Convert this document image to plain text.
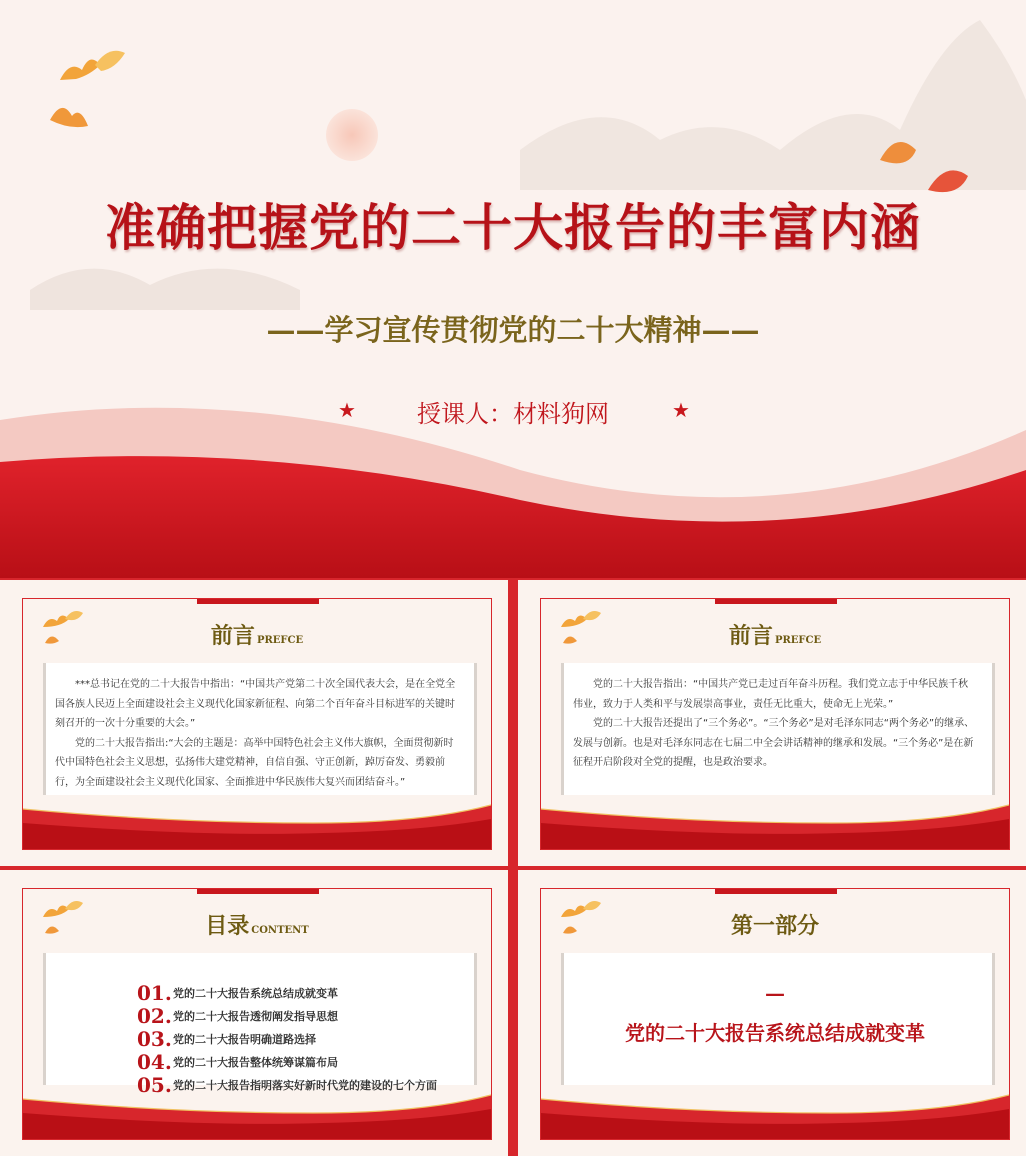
准确把握党的二十大报告的丰富内涵
——学习宣传贯彻党的二十大精神——
★	授课人：材料狗网	★
前言 PREFCE

***总书记在党的二十大报告中指出：“中国共产党第二十次全国代表大会，是在全党全国各族人民迈上全面建设社会主义现代化国家新征程、向第二个百年奋斗目标进军的关键时刻召开的一次十分重要的大会。”

党的二十大报告指出:“大会的主题是：高举中国特色社会主义伟大旗帜，全面贯彻新时代中国特色社会主义思想，弘扬伟大建党精神，自信自强、守正创新，踔厉奋发、勇毅前行，为全面建设社会主义现代化国家、全面推进中华民族伟大复兴而团结奋斗。”

前言 PREFCE

党的二十大报告指出：“中国共产党已走过百年奋斗历程。我们党立志于中华民族千秋伟业，致力于人类和平与发展崇高事业，责任无比重大，使命无上光荣。”

党的二十大报告还提出了“三个务必”。“三个务必”是对毛泽东同志“两个务必”的继承、发展与创新。也是对毛泽东同志在七届二中全会讲话精神的继承和发展。“三个务必”是在新征程开启阶段对全党的提醒，也是政治要求。

目录 CONTENT
01. 党的二十大报告系统总结成就变革
02. 党的二十大报告透彻阐发指导思想
03. 党的二十大报告明确道路选择
04. 党的二十大报告整体统筹谋篇布局
05. 党的二十大报告指明落实好新时代党的建设的七个方面
第一部分
—
党的二十大报告系统总结成就变革
